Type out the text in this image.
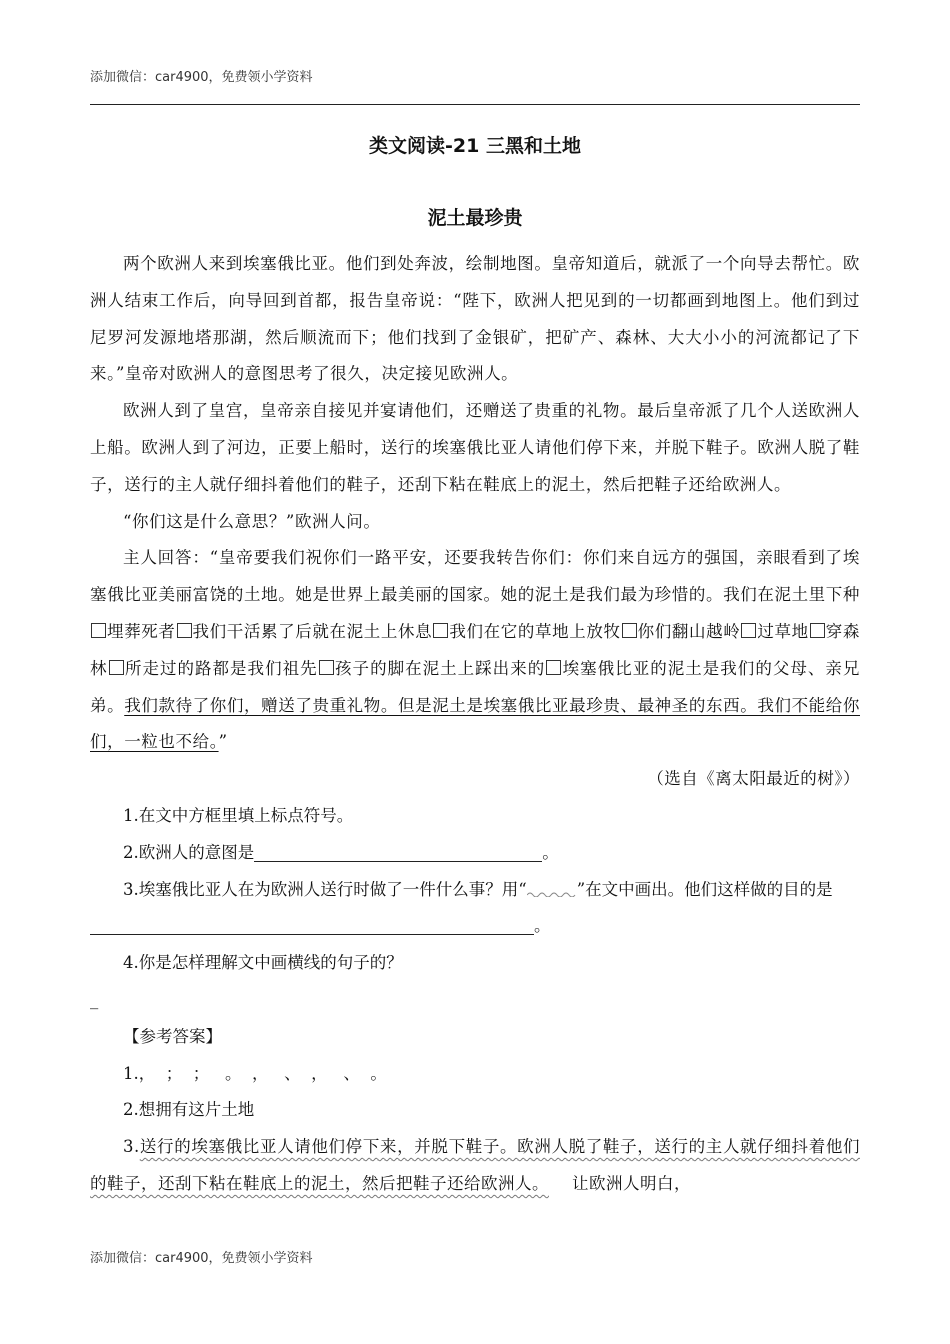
添加微信：car4900，免费领小学资料
类文阅读-21 三黑和土地
泥土最珍贵

两个欧洲人来到埃塞俄比亚。他们到处奔波，绘制地图。皇帝知道后，就派了一个向导去帮忙。欧洲人结束工作后，向导回到首都，报告皇帝说：“陛下，欧洲人把见到的一切都画到地图上。他们到过尼罗河发源地塔那湖，然后顺流而下；他们找到了金银矿，把矿产、森林、大大小小的河流都记了下来。”皇帝对欧洲人的意图思考了很久，决定接见欧洲人。

欧洲人到了皇宫，皇帝亲自接见并宴请他们，还赠送了贵重的礼物。最后皇帝派了几个人送欧洲人上船。欧洲人到了河边，正要上船时，送行的埃塞俄比亚人请他们停下来，并脱下鞋子。欧洲人脱了鞋子，送行的主人就仔细抖着他们的鞋子，还刮下粘在鞋底上的泥土，然后把鞋子还给欧洲人。

“你们这是什么意思？”欧洲人问。

主人回答：“皇帝要我们祝你们一路平安，还要我转告你们：你们来自远方的强国，亲眼看到了埃塞俄比亚美丽富饶的土地。她是世界上最美丽的国家。她的泥土是我们最为珍惜的。我们在泥土里下种埋葬死者 我们干活累了后就在泥土上休息 我们在它的草地上放牧 你们翻山越岭 过草地 穿森林 所走过的路都是我们祖先 孩子的脚在泥土上踩出来的 埃塞俄比亚的泥土是我们的父母、亲兄弟。我们款待了你们，赠送了贵重礼物。但是泥土是埃塞俄比亚最珍贵、最神圣的东西。我们不能给你们，一粒也不给。”

（选自《离太阳最近的树》）

1.在文中方框里填上标点符号。

2.欧洲人的意图是	。

3.埃塞俄比亚人在为欧洲人送行时做了一件什么事？用“	”在文中画出。他们这样做的目的是。

4.你是怎样理解文中画横线的句子的？

_

【参考答案】

1.，  ；  ；   。  ，   、  ，   、  。

2.想拥有这片土地

3.送行的埃塞俄比亚人请他们停下来，并脱下鞋子。欧洲人脱了鞋子，送行的主人就仔细抖着他们的鞋子，还刮下粘在鞋底上的泥土，然后把鞋子还给欧洲人。    让欧洲人明白，

添加微信：car4900，免费领小学资料
